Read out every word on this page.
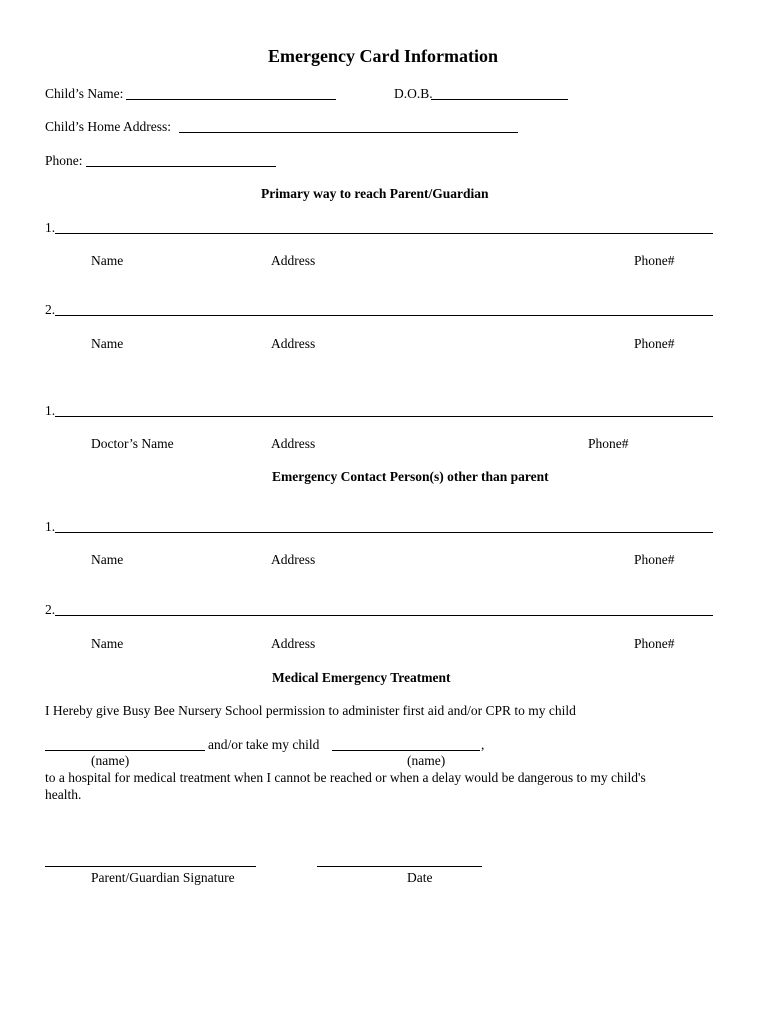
Emergency Card Information
Child’s Name:	D.O.B.
Child’s Home Address:
Phone:
Primary way to reach Parent/Guardian
1.
Name	Address	Phone#
2.
Name	Address	Phone#
1.
Doctor’s Name	Address	Phone#
Emergency Contact Person(s) other than parent
1.
Name	Address	Phone#
2.
Name	Address	Phone#
Medical Emergency Treatment
I Hereby give Busy Bee Nursery School permission to administer first aid and/or CPR to my child
and/or take my child	,
(name)	(name)
to a hospital for medical treatment when I cannot be reached or when a delay would be dangerous to my child's
health.
Parent/Guardian Signature	Date
